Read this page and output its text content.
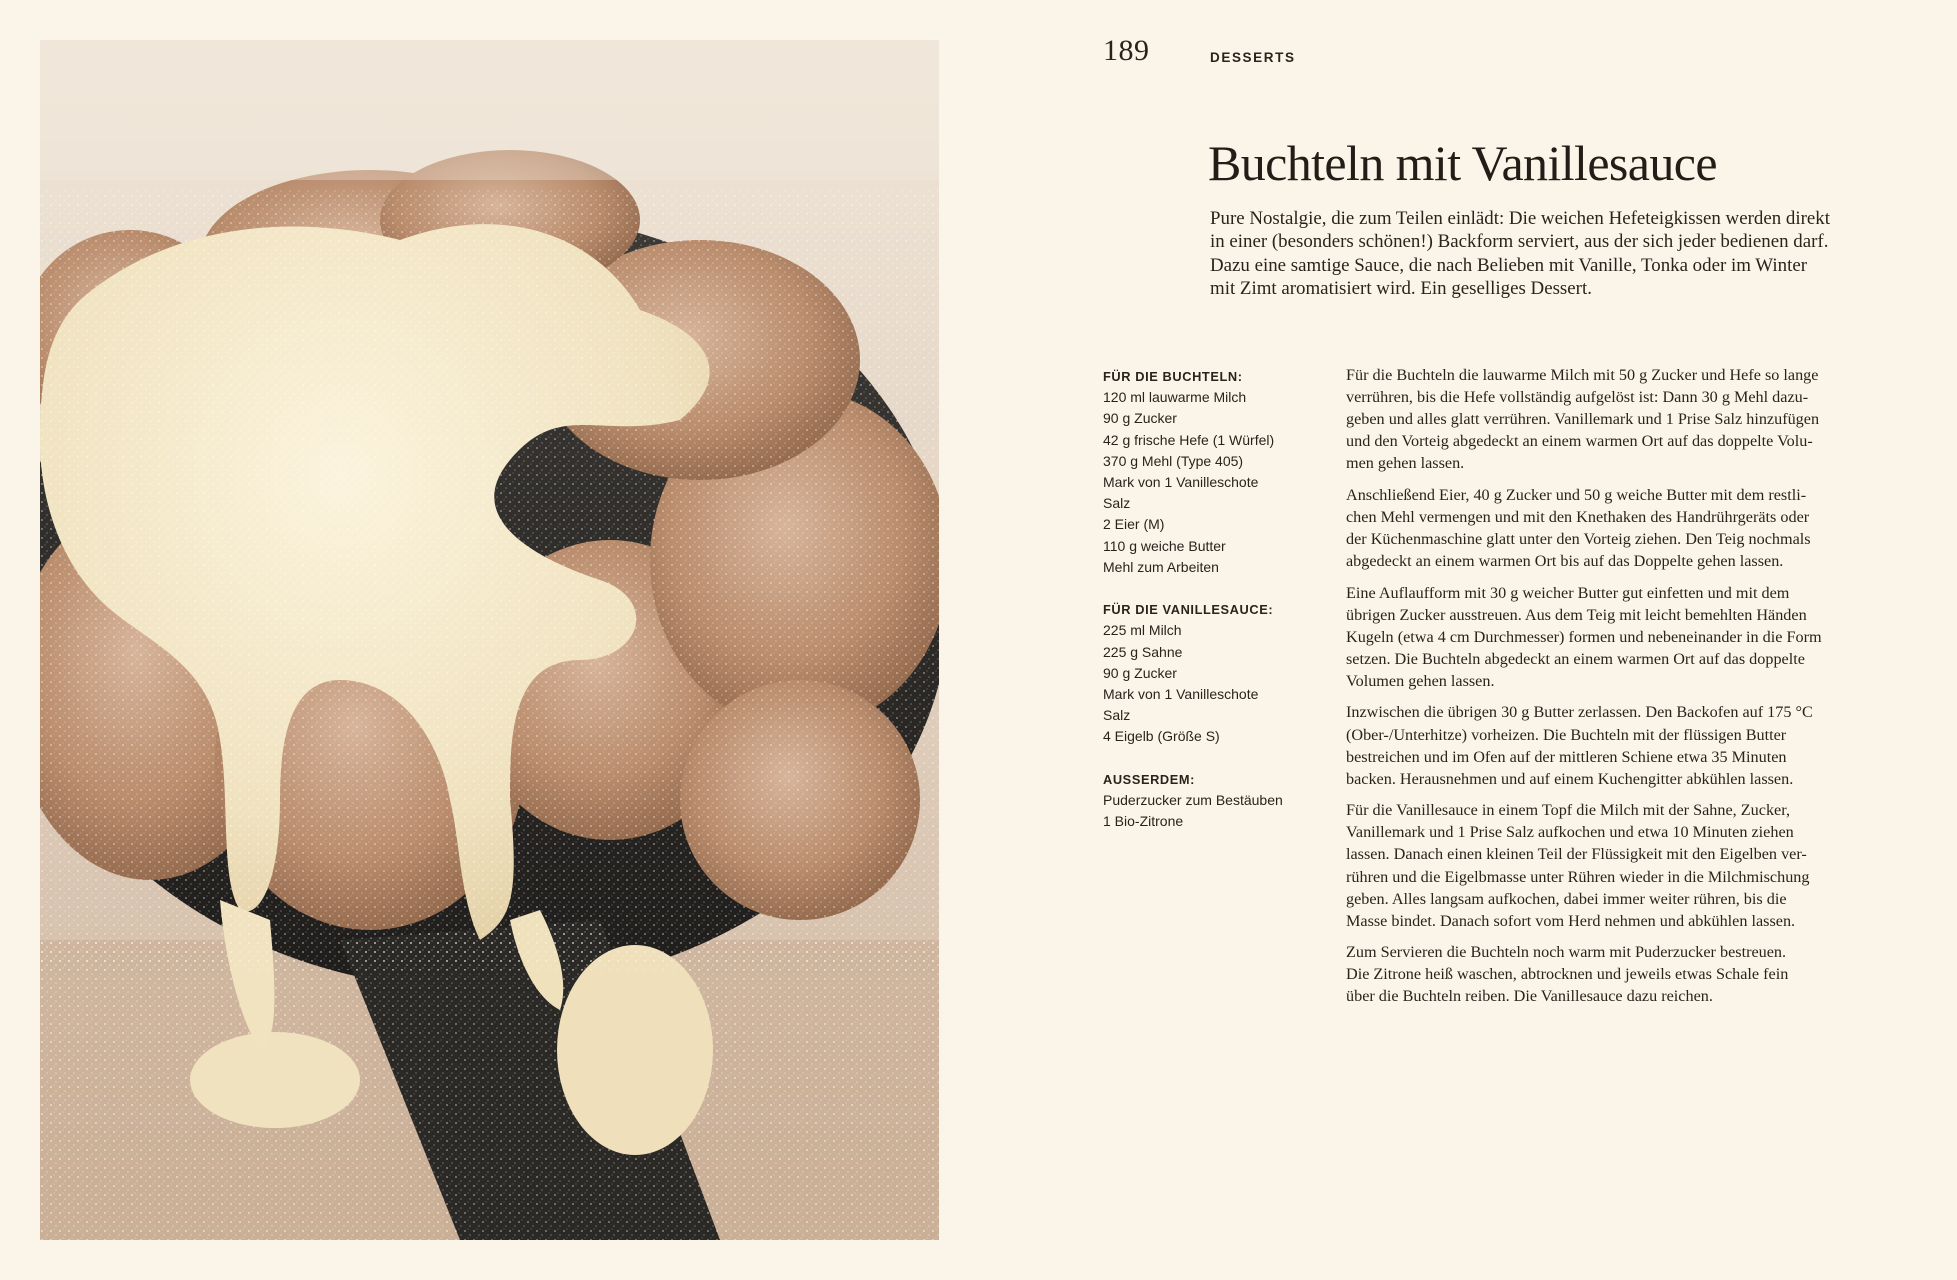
189	DESSERTS
Buchteln mit Vanillesauce

Pure Nostalgie, die zum Teilen einlädt: Die weichen Hefeteigkissen werden direkt
in einer (besonders schönen!) Backform serviert, aus der sich jeder bedienen darf.
Dazu eine samtige Sauce, die nach Belieben mit Vanille, Tonka oder im Winter
mit Zimt aromatisiert wird. Ein geselliges Dessert.

FÜR DIE BUCHTELN:
120 ml lauwarme Milch
90 g Zucker
42 g frische Hefe (1 Würfel)
370 g Mehl (Type 405)
Mark von 1 Vanilleschote
Salz
2 Eier (M)
110 g weiche Butter
Mehl zum Arbeiten
FÜR DIE VANILLESAUCE:
225 ml Milch
225 g Sahne
90 g Zucker
Mark von 1 Vanilleschote
Salz
4 Eigelb (Größe S)
AUSSERDEM:
Puderzucker zum Bestäuben
1 Bio-Zitrone

Für die Buchteln die lauwarme Milch mit 50 g Zucker und Hefe so lange
verrühren, bis die Hefe vollständig aufgelöst ist: Dann 30 g Mehl dazu-
geben und alles glatt verrühren. Vanillemark und 1 Prise Salz hinzufügen
und den Vorteig abgedeckt an einem warmen Ort auf das doppelte Volu-
men gehen lassen.

Anschließend Eier, 40 g Zucker und 50 g weiche Butter mit dem restli-
chen Mehl vermengen und mit den Knethaken des Handrührgeräts oder
der Küchenmaschine glatt unter den Vorteig ziehen. Den Teig nochmals
abgedeckt an einem warmen Ort bis auf das Doppelte gehen lassen.

Eine Auflaufform mit 30 g weicher Butter gut einfetten und mit dem
übrigen Zucker ausstreuen. Aus dem Teig mit leicht bemehlten Händen
Kugeln (etwa 4 cm Durchmesser) formen und nebeneinander in die Form
setzen. Die Buchteln abgedeckt an einem warmen Ort auf das doppelte
Volumen gehen lassen.

Inzwischen die übrigen 30 g Butter zerlassen. Den Backofen auf 175 °C
(Ober-/Unterhitze) vorheizen. Die Buchteln mit der flüssigen Butter
bestreichen und im Ofen auf der mittleren Schiene etwa 35 Minuten
backen. Herausnehmen und auf einem Kuchengitter abkühlen lassen.

Für die Vanillesauce in einem Topf die Milch mit der Sahne, Zucker,
Vanillemark und 1 Prise Salz aufkochen und etwa 10 Minuten ziehen
lassen. Danach einen kleinen Teil der Flüssigkeit mit den Eigelben ver-
rühren und die Eigelbmasse unter Rühren wieder in die Milchmischung
geben. Alles langsam aufkochen, dabei immer weiter rühren, bis die
Masse bindet. Danach sofort vom Herd nehmen und abkühlen lassen.

Zum Servieren die Buchteln noch warm mit Puderzucker bestreuen.
Die Zitrone heiß waschen, abtrocknen und jeweils etwas Schale fein
über die Buchteln reiben. Die Vanillesauce dazu reichen.
